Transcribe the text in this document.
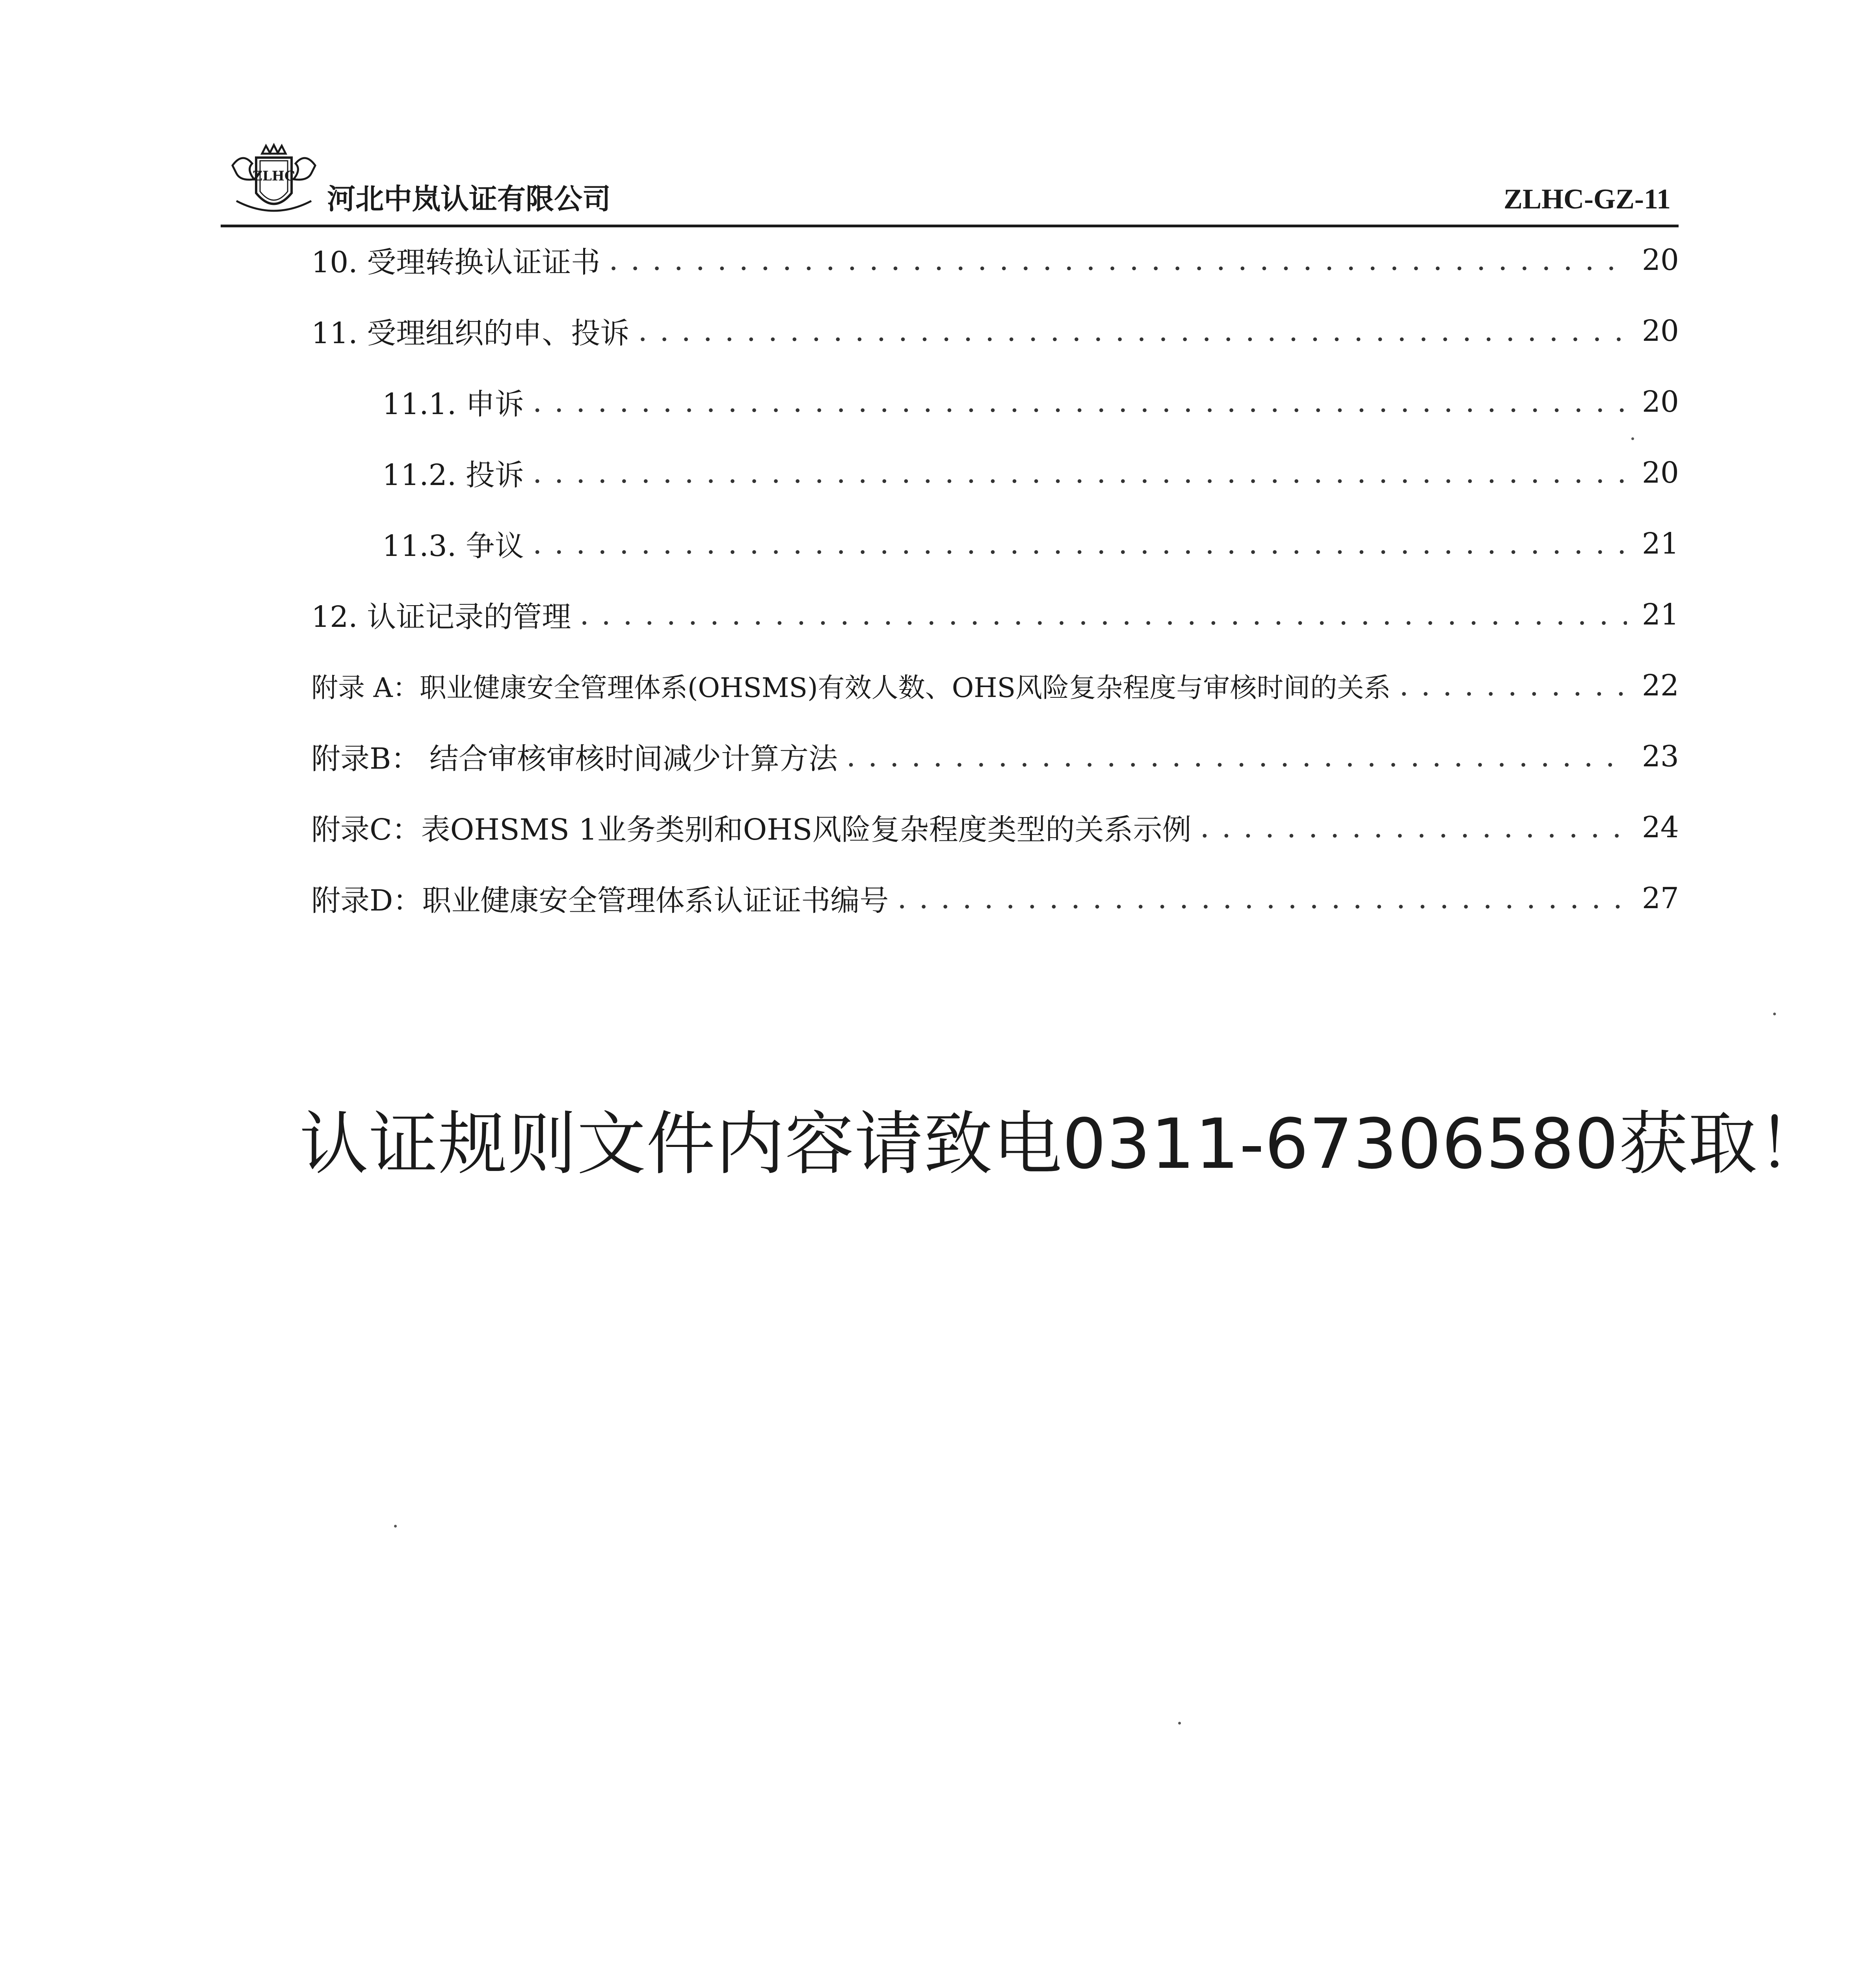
ZLHC
河北中岚认证有限公司	ZLHC-GZ-11
10. 受理转换认证证书 . . .	20
11. 受理组织的申、投诉 . . .	20
11.1. 申诉 . . .	20
11.2. 投诉 . . .	20
11.3. 争议 . . .	21
12. 认证记录的管理 . . .	21
附录 A：职业健康安全管理体系(OHSMS)有效人数、OHS风险复杂程度与审核时间的关系 . . .	22
附录B： 结合审核审核时间减少计算方法 . . .	23
附录C：表OHSMS 1业务类别和OHS风险复杂程度类型的关系示例 . . .	24
附录D：职业健康安全管理体系认证证书编号 . . .	27
认证规则文件内容请致电0311-67306580获取！
